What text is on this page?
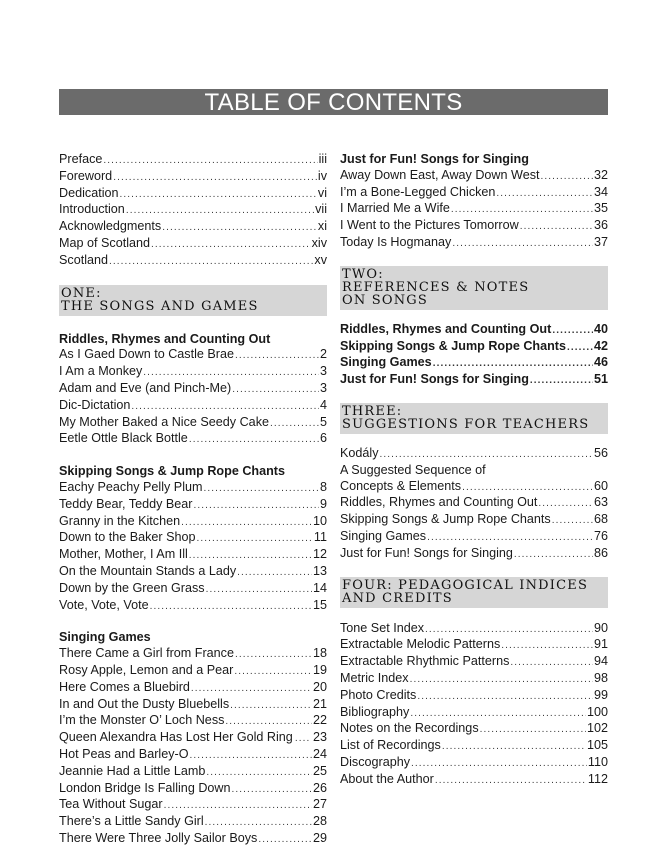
TABLE OF CONTENTS
Preface .....	iii
Foreword .....	iv
Dedication .....	vi
Introduction .....	vii
Acknowledgments .....	xi
Map of Scotland .....	xiv
Scotland .....	xv
ONE:
THE SONGS AND GAMES
Riddles, Rhymes and Counting Out
As I Gaed Down to Castle Brae .....	2
I Am a Monkey .....	3
Adam and Eve (and Pinch-Me) .....	3
Dic-Dictation .....	4
My Mother Baked a Nice Seedy Cake .....	5
Eetle Ottle Black Bottle .....	6
Skipping Songs & Jump Rope Chants
Eachy Peachy Pelly Plum .....	8
Teddy Bear, Teddy Bear .....	9
Granny in the Kitchen .....	10
Down to the Baker Shop .....	11
Mother, Mother, I Am Ill .....	12
On the Mountain Stands a Lady .....	13
Down by the Green Grass .....	14
Vote, Vote, Vote .....	15
Singing Games
There Came a Girl from France .....	18
Rosy Apple, Lemon and a Pear .....	19
Here Comes a Bluebird .....	20
In and Out the Dusty Bluebells .....	21
I’m the Monster O’ Loch Ness .....	22
Queen Alexandra Has Lost Her Gold Ring ..... 23
Hot Peas and Barley-O .....	24
Jeannie Had a Little Lamb .....	25
London Bridge Is Falling Down .....	26
Tea Without Sugar .....	27
There’s a Little Sandy Girl .....	28
There Were Three Jolly Sailor Boys .....	29
Just for Fun! Songs for Singing
Away Down East, Away Down West .....	32
I’m a Bone-Legged Chicken .....	34
I Married Me a Wife .....	35
I Went to the Pictures Tomorrow .....	36
Today Is Hogmanay .....	37
TWO:
REFERENCES & NOTES
ON SONGS
Riddles, Rhymes and Counting Out .....	40
Skipping Songs & Jump Rope Chants ..... 42
Singing Games .....	46
Just for Fun! Songs for Singing .....	51
THREE:
SUGGESTIONS FOR TEACHERS
Kodály .....	56
A Suggested Sequence of
Concepts & Elements .....	60
Riddles, Rhymes and Counting Out .....	63
Skipping Songs & Jump Rope Chants .....	68
Singing Games .....	76
Just for Fun! Songs for Singing .....	86
FOUR: PEDAGOGICAL INDICES
AND CREDITS
Tone Set Index .....	90
Extractable Melodic Patterns .....	91
Extractable Rhythmic Patterns .....	94
Metric Index .....	98
Photo Credits .....	99
Bibliography .....	100
Notes on the Recordings .....	102
List of Recordings .....	105
Discography .....	110
About the Author .....	112
